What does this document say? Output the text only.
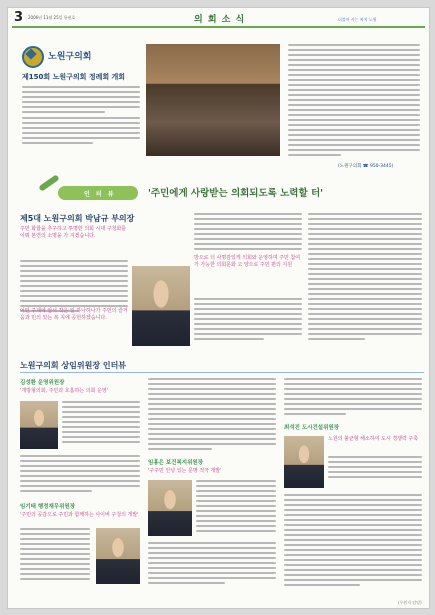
3 2006년 11월 25일 통권호	의 회 소 식	더불어 사는 복지 노원
노원구의회
제150회 노원구의회 정례회 개회
(노원구의회 ☎ 950-3445)
인 터 뷰	'주민에게 사랑받는 의회되도록 노력할 터'
제5대 노원구의회 박남규 부의장
주민 화합을 추구하고 투명한 의회 시대 구청화를 이뤄 본연의 소명을 가 지겠습니다.
어떤 주제에 앞서 작은 일 하나하나가 주민의 즐거움과 민의 있는 복 지에 공헌하겠습니다.
방으로 더 사명감있게 의회와 운영하며 주민 참여가 가능한 의회문화 고 양으로 주민 편의 지원
노원구의회 상임위원장 인터뷰
김성환 운영위원장
'개방형의회, 주민과 호흡하는 의회 운영'
임기태 행정재무위원장
'주민의 공감으로 주민과 함께하는 사이버 구청의 개발'
임홍은 보건복지위원장
'구주민 안녕 있는 문명 적극 개발'
최석진 도시건설위원장
노원의 불균형 해소하여 도시 경쟁력 구축
(우원지 담당)
